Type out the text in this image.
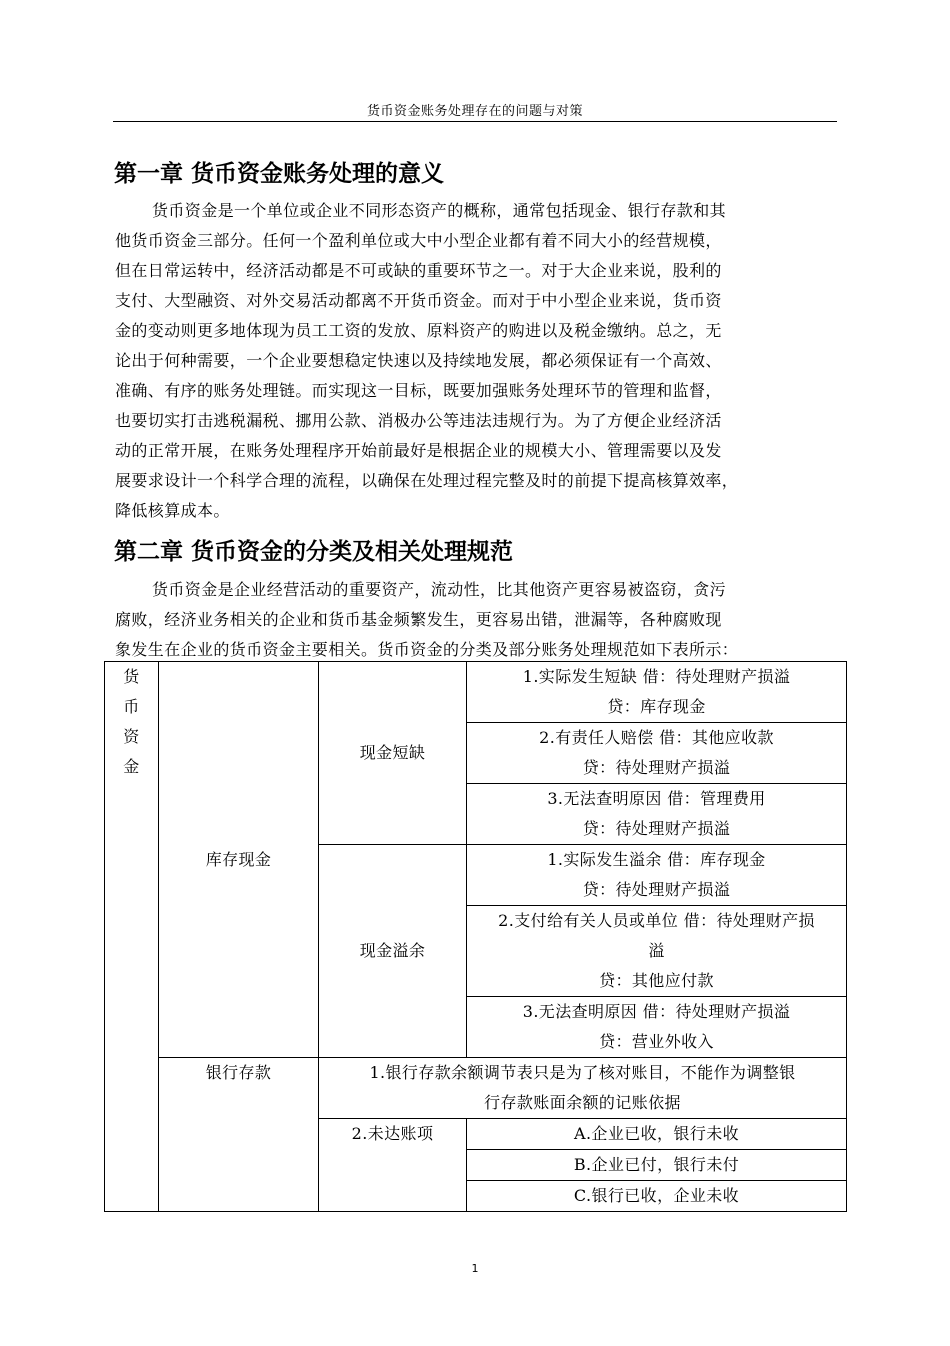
货币资金账务处理存在的问题与对策
第一章 货币资金账务处理的意义

货币资金是一个单位或企业不同形态资产的概称，通常包括现金、银行存款和其
他货币资金三部分。任何一个盈利单位或大中小型企业都有着不同大小的经营规模，
但在日常运转中，经济活动都是不可或缺的重要环节之一。对于大企业来说，股利的
支付、大型融资、对外交易活动都离不开货币资金。而对于中小型企业来说，货币资
金的变动则更多地体现为员工工资的发放、原料资产的购进以及税金缴纳。总之，无
论出于何种需要，一个企业要想稳定快速以及持续地发展，都必须保证有一个高效、
准确、有序的账务处理链。而实现这一目标，既要加强账务处理环节的管理和监督，
也要切实打击逃税漏税、挪用公款、消极办公等违法违规行为。为了方便企业经济活
动的正常开展，在账务处理程序开始前最好是根据企业的规模大小、管理需要以及发
展要求设计一个科学合理的流程，以确保在处理过程完整及时的前提下提高核算效率，
降低核算成本。

第二章 货币资金的分类及相关处理规范

货币资金是企业经营活动的重要资产，流动性，比其他资产更容易被盗窃，贪污
腐败，经济业务相关的企业和货币基金频繁发生，更容易出错，泄漏等，各种腐败现
象发生在企业的货币资金主要相关。货币资金的分类及部分账务处理规范如下表所示：

货
币
资
金	库存现金	现金短缺	1.实际发生短缺 借：待处理财产损溢
贷：库存现金

			2.有责任人赔偿 借：其他应收款
贷：待处理财产损溢

			3.无法查明原因 借：管理费用
贷：待处理财产损溢

		现金溢余	1.实际发生溢余 借：库存现金
贷：待处理财产损溢

			2.支付给有关人员或单位 借：待处理财产损
溢
贷：其他应付款

			3.无法查明原因 借：待处理财产损溢
贷：营业外收入

	银行存款	1.银行存款余额调节表只是为了核对账目，不能作为调整银
行存款账面余额的记账依据	

		2.未达账项	A.企业已收，银行未收
			B.企业已付，银行未付
			C.银行已收，企业未收
1
